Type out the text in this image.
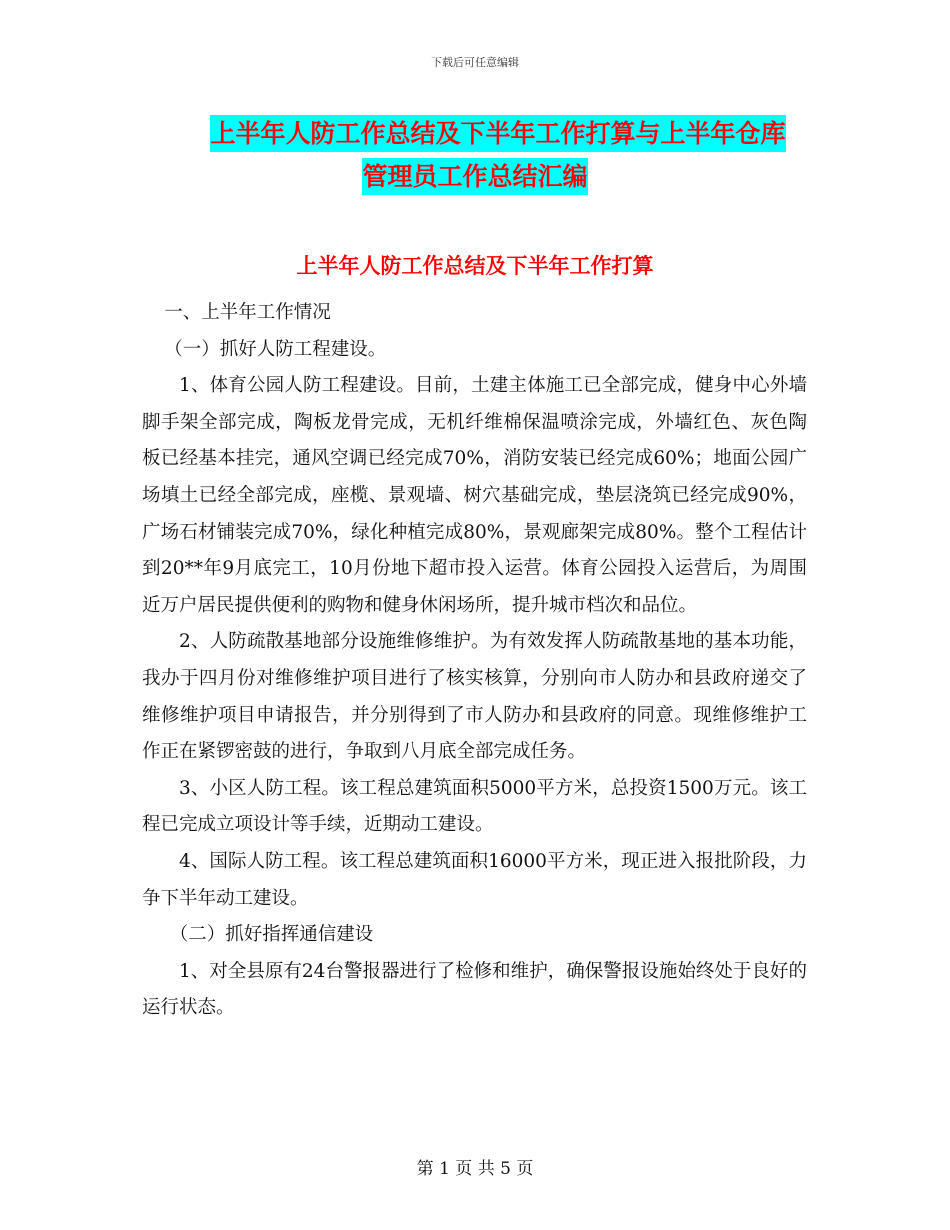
下载后可任意编辑
上半年人防工作总结及下半年工作打算与上半年仓库
管理员工作总结汇编
上半年人防工作总结及下半年工作打算

一、上半年工作情况

（一）抓好人防工程建设。

1、体育公园人防工程建设。目前，土建主体施工已全部完成，健身中心外墙脚手架全部完成，陶板龙骨完成，无机纤维棉保温喷涂完成，外墙红色、灰色陶板已经基本挂完，通风空调已经完成70%，消防安装已经完成60%；地面公园广场填土已经全部完成，座榄、景观墙、树穴基础完成，垫层浇筑已经完成90%，广场石材铺装完成70%，绿化种植完成80%，景观廊架完成80%。整个工程估计到20**年9月底完工，10月份地下超市投入运营。体育公园投入运营后，为周围近万户居民提供便利的购物和健身休闲场所，提升城市档次和品位。

2、人防疏散基地部分设施维修维护。为有效发挥人防疏散基地的基本功能，我办于四月份对维修维护项目进行了核实核算，分别向市人防办和县政府递交了维修维护项目申请报告，并分别得到了市人防办和县政府的同意。现维修维护工作正在紧锣密鼓的进行，争取到八月底全部完成任务。

3、小区人防工程。该工程总建筑面积5000平方米，总投资1500万元。该工程已完成立项设计等手续，近期动工建设。

4、国际人防工程。该工程总建筑面积16000平方米，现正进入报批阶段，力争下半年动工建设。

（二）抓好指挥通信建设

1、对全县原有24台警报器进行了检修和维护，确保警报设施始终处于良好的运行状态。

第 1 页 共 5 页
